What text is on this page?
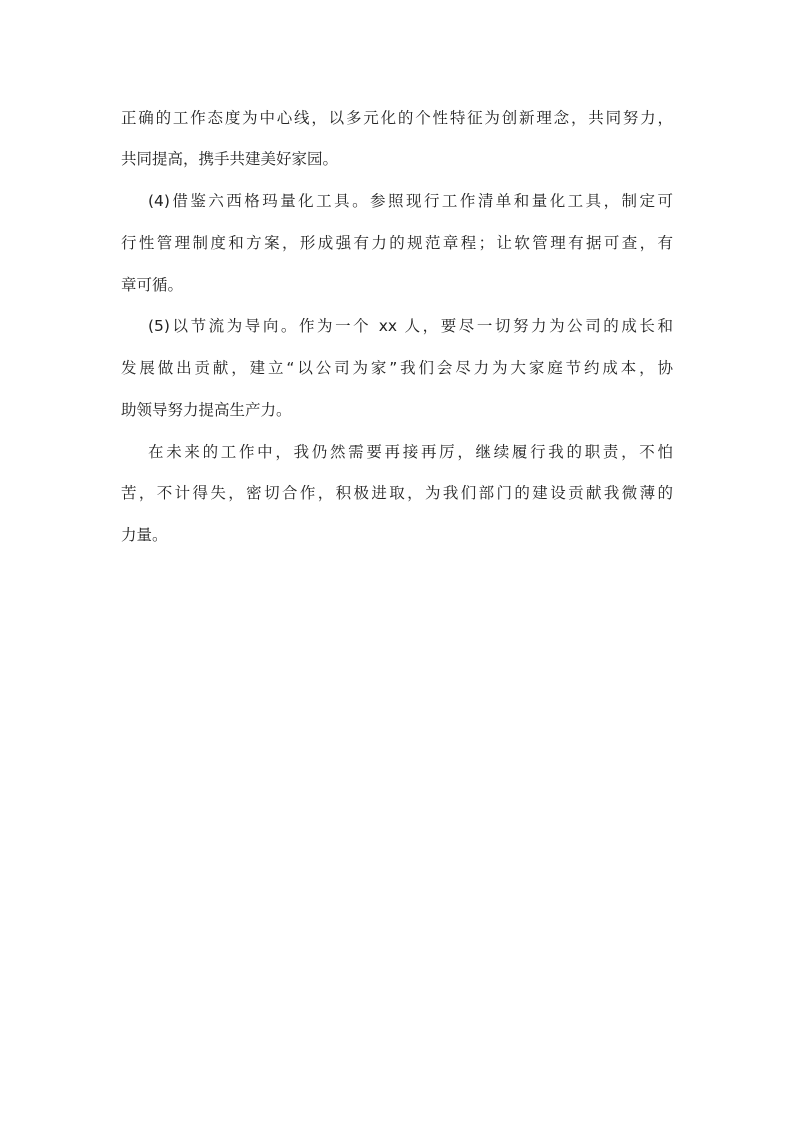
正确的工作态度为中心线，以多元化的个性特征为创新理念，共同努力，
共同提高，携手共建美好家园。
(4)借鉴六西格玛量化工具。参照现行工作清单和量化工具，制定可
行性管理制度和方案，形成强有力的规范章程；让软管理有据可查，有
章可循。
(5)以节流为导向。作为一个 xx 人，要尽一切努力为公司的成长和
发展做出贡献，建立“以公司为家”我们会尽力为大家庭节约成本，协
助领导努力提高生产力。
在未来的工作中，我仍然需要再接再厉，继续履行我的职责，不怕
苦，不计得失，密切合作，积极进取，为我们部门的建设贡献我微薄的
力量。
